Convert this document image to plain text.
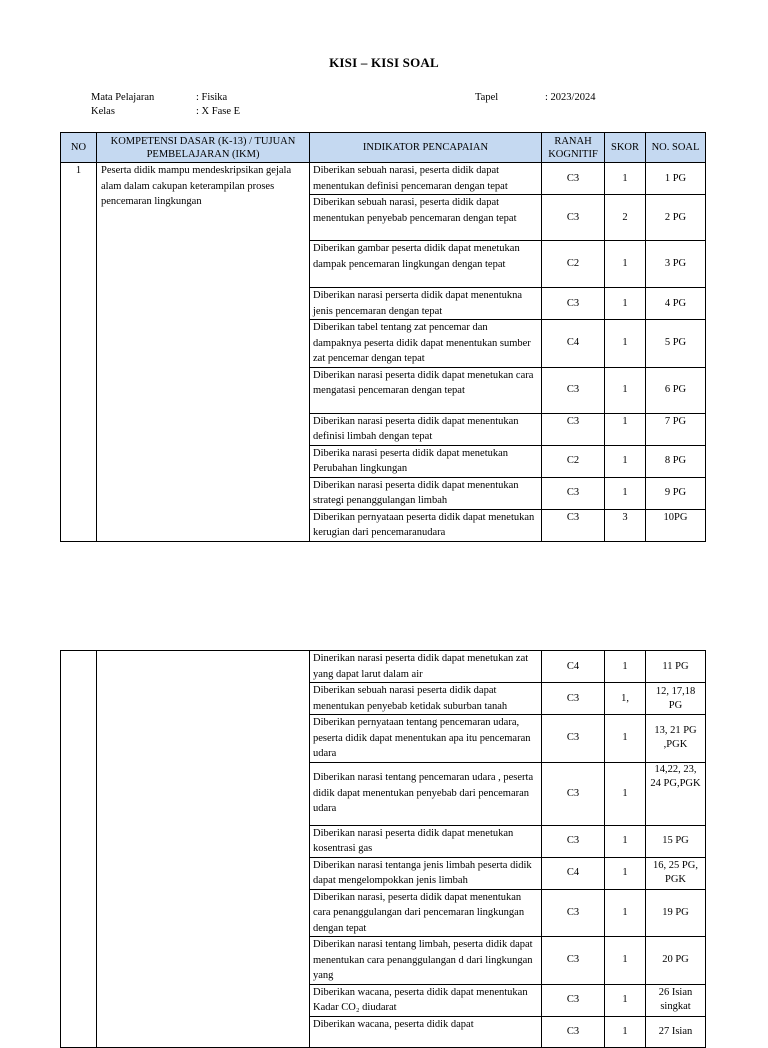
KISI – KISI SOAL
Mata Pelajaran	: Fisika
Kelas	: X Fase E
Tapel	: 2023/2024
NO	KOMPETENSI DASAR (K-13) / TUJUAN PEMBELAJARAN (IKM)	INDIKATOR PENCAPAIAN	RANAH KOGNITIF	SKOR	NO. SOAL
1	Peserta didik mampu mendeskripsikan gejala alam dalam cakupan keterampilan proses pencemaran lingkungan	Diberikan sebuah narasi, peserta didik dapat menentukan definisi pencemaran dengan tepat	C3	1	1 PG
		Diberikan sebuah narasi, peserta didik dapat menentukan penyebab pencemaran dengan tepat	C3	2	2 PG
		Diberikan gambar peserta didik dapat menetukan dampak pencemaran lingkungan dengan tepat	C2	1	3 PG
		Diberikan narasi perserta didik dapat menentukna jenis pencemaran dengan tepat	C3	1	4 PG
		Diberikan tabel tentang zat pencemar dan dampaknya peserta didik dapat menentukan sumber zat pencemar dengan tepat	C4	1	5 PG
		Diberikan narasi peserta didik dapat menetukan cara mengatasi pencemaran dengan tepat	C3	1	6 PG
		Diberikan narasi peserta didik dapat menentukan definisi limbah dengan tepat	C3	1	7 PG
		Diberika narasi peserta didik dapat menetukan Perubahan lingkungan	C2	1	8 PG
		Diberikan narasi peserta didik dapat menentukan strategi penanggulangan limbah	C3	1	9 PG
		Diberikan pernyataan peserta didik dapat menetukan kerugian dari pencemaranudara	C3	3	10PG
		Dinerikan narasi peserta didik dapat menetukan zat yang dapat larut dalam air	C4	1	11 PG
		Diberikan sebuah narasi peserta didik dapat menentukan penyebab ketidak suburban tanah	C3	1,	12, 17,18 PG
		Diberikan pernyataan tentang pencemaran udara, peserta didik dapat menentukan apa itu pencemaran udara	C3	1	13, 21 PG ,PGK
		Diberikan narasi tentang pencemaran udara , peserta didik dapat menentukan penyebab dari pencemaran udara	C3	1	14,22, 23, 24 PG,PGK
		Diberikan narasi peserta didik dapat menetukan kosentrasi gas	C3	1	15 PG
		Diberikan narasi tentanga jenis limbah peserta didik dapat mengelompokkan jenis limbah	C4	1	16, 25 PG, PGK
		Diberikan narasi, peserta didik dapat menentukan cara penanggulangan dari pencemaran lingkungan dengan tepat	C3	1	19 PG
		Diberikan narasi tentang limbah, peserta didik dapat menentukan cara penanggulangan d dari lingkungan yang	C3	1	20 PG
		Diberikan wacana, peserta didik dapat menentukan Kadar CO₂ diudarat	C3	1	26 Isian singkat
		Diberikan wacana, peserta didik dapat	C3	1	27 Isian
